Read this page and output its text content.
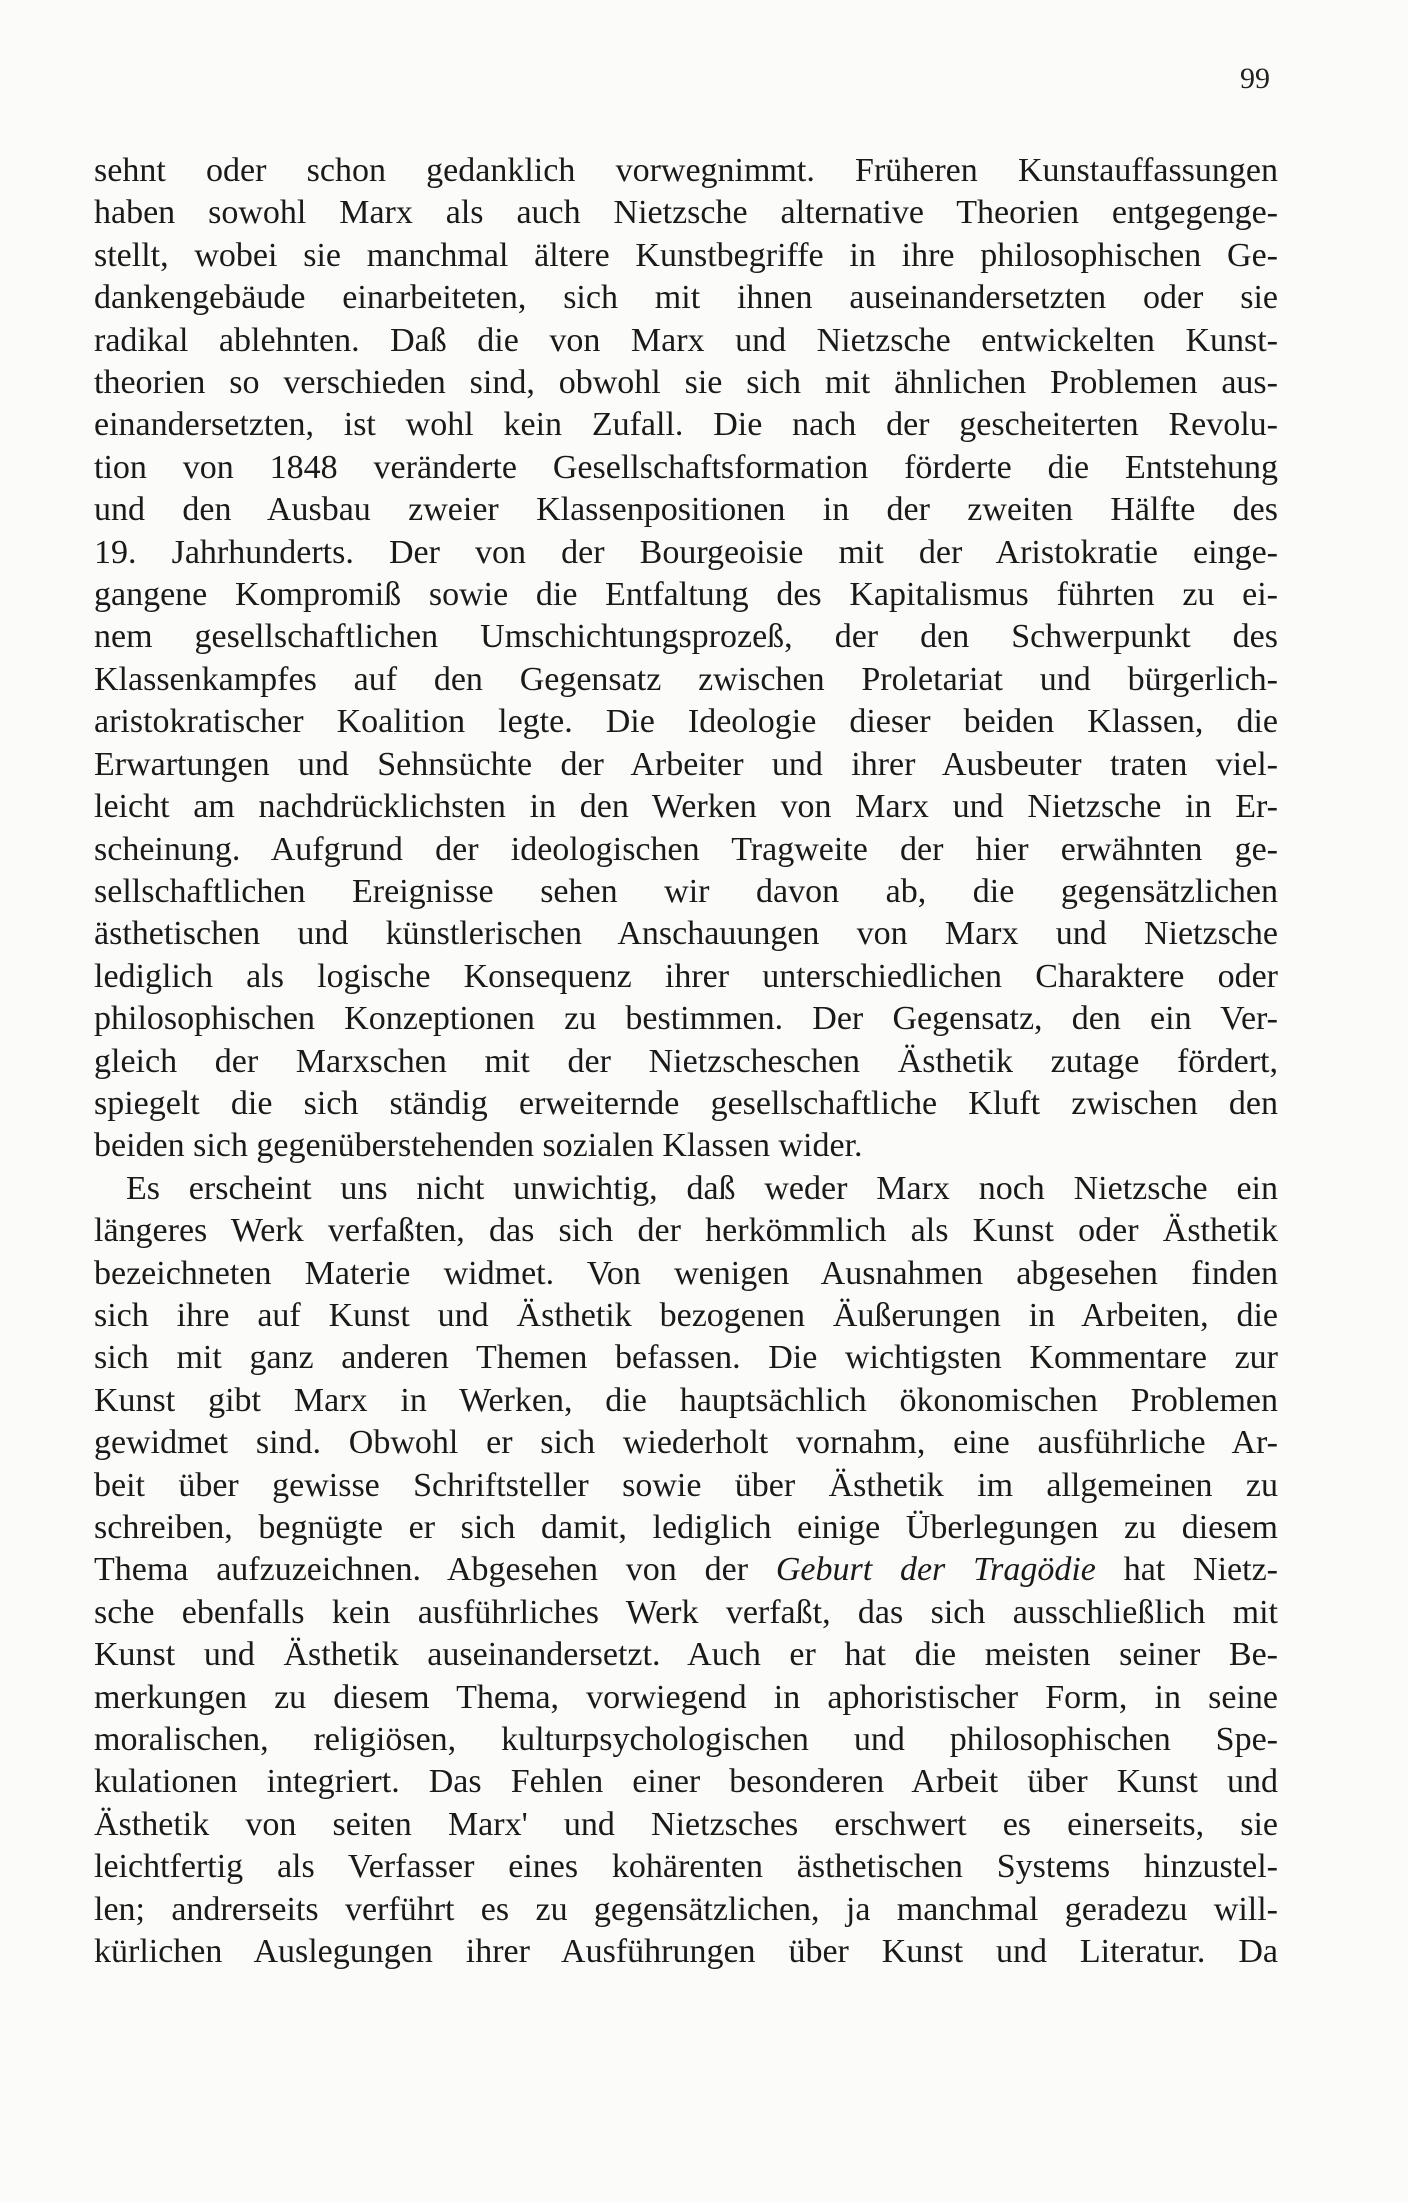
99
sehnt oder schon gedanklich vorwegnimmt. Früheren Kunstauffassungen
haben sowohl Marx als auch Nietzsche alternative Theorien entgegenge-
stellt, wobei sie manchmal ältere Kunstbegriffe in ihre philosophischen Ge-
dankengebäude einarbeiteten, sich mit ihnen auseinandersetzten oder sie
radikal ablehnten. Daß die von Marx und Nietzsche entwickelten Kunst-
theorien so verschieden sind, obwohl sie sich mit ähnlichen Problemen aus-
einandersetzten, ist wohl kein Zufall. Die nach der gescheiterten Revolu-
tion von 1848 veränderte Gesellschaftsformation förderte die Entstehung
und den Ausbau zweier Klassenpositionen in der zweiten Hälfte des
19. Jahrhunderts. Der von der Bourgeoisie mit der Aristokratie einge-
gangene Kompromiß sowie die Entfaltung des Kapitalismus führten zu ei-
nem gesellschaftlichen Umschichtungsprozeß, der den Schwerpunkt des
Klassenkampfes auf den Gegensatz zwischen Proletariat und bürgerlich-
aristokratischer Koalition legte. Die Ideologie dieser beiden Klassen, die
Erwartungen und Sehnsüchte der Arbeiter und ihrer Ausbeuter traten viel-
leicht am nachdrücklichsten in den Werken von Marx und Nietzsche in Er-
scheinung. Aufgrund der ideologischen Tragweite der hier erwähnten ge-
sellschaftlichen Ereignisse sehen wir davon ab, die gegensätzlichen
ästhetischen und künstlerischen Anschauungen von Marx und Nietzsche
lediglich als logische Konsequenz ihrer unterschiedlichen Charaktere oder
philosophischen Konzeptionen zu bestimmen. Der Gegensatz, den ein Ver-
gleich der Marxschen mit der Nietzscheschen Ästhetik zutage fördert,
spiegelt die sich ständig erweiternde gesellschaftliche Kluft zwischen den
beiden sich gegenüberstehenden sozialen Klassen wider.
Es erscheint uns nicht unwichtig, daß weder Marx noch Nietzsche ein
längeres Werk verfaßten, das sich der herkömmlich als Kunst oder Ästhetik
bezeichneten Materie widmet. Von wenigen Ausnahmen abgesehen finden
sich ihre auf Kunst und Ästhetik bezogenen Äußerungen in Arbeiten, die
sich mit ganz anderen Themen befassen. Die wichtigsten Kommentare zur
Kunst gibt Marx in Werken, die hauptsächlich ökonomischen Problemen
gewidmet sind. Obwohl er sich wiederholt vornahm, eine ausführliche Ar-
beit über gewisse Schriftsteller sowie über Ästhetik im allgemeinen zu
schreiben, begnügte er sich damit, lediglich einige Überlegungen zu diesem
Thema aufzuzeichnen. Abgesehen von der Geburt der Tragödie hat Nietz-
sche ebenfalls kein ausführliches Werk verfaßt, das sich ausschließlich mit
Kunst und Ästhetik auseinandersetzt. Auch er hat die meisten seiner Be-
merkungen zu diesem Thema, vorwiegend in aphoristischer Form, in seine
moralischen, religiösen, kulturpsychologischen und philosophischen Spe-
kulationen integriert. Das Fehlen einer besonderen Arbeit über Kunst und
Ästhetik von seiten Marx' und Nietzsches erschwert es einerseits, sie
leichtfertig als Verfasser eines kohärenten ästhetischen Systems hinzustel-
len; andrerseits verführt es zu gegensätzlichen, ja manchmal geradezu will-
kürlichen Auslegungen ihrer Ausführungen über Kunst und Literatur. Da
